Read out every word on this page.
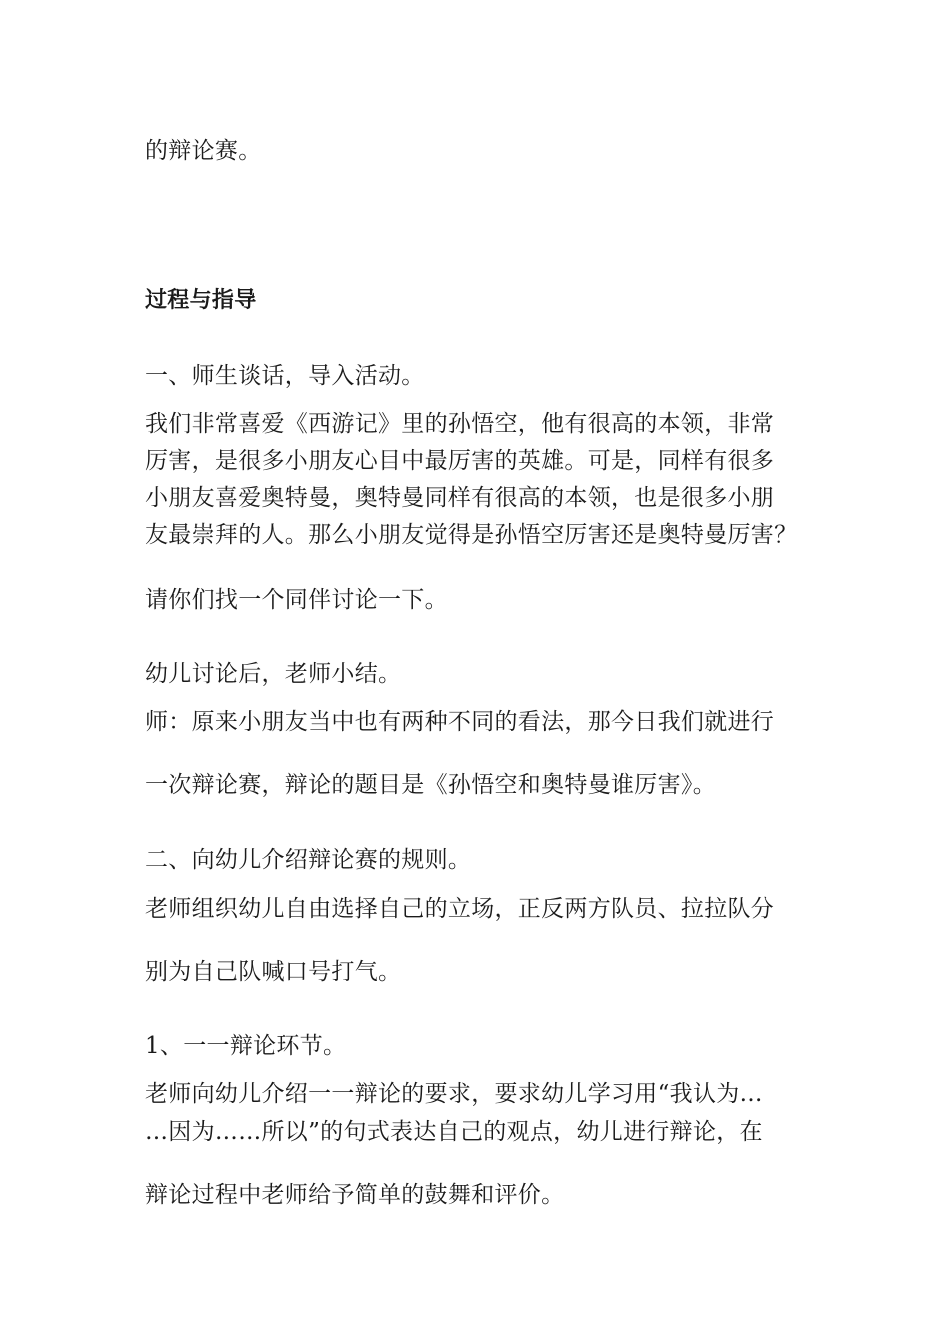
的辩论赛。
过程与指导
一、师生谈话，导入活动。
我们非常喜爱《西游记》里的孙悟空，他有很高的本领，非常
厉害，是很多小朋友心目中最厉害的英雄。可是，同样有很多
小朋友喜爱奥特曼，奥特曼同样有很高的本领，也是很多小朋
友最崇拜的人。那么小朋友觉得是孙悟空厉害还是奥特曼厉害？
请你们找一个同伴讨论一下。
幼儿讨论后，老师小结。
师：原来小朋友当中也有两种不同的看法，那今日我们就进行
一次辩论赛，辩论的题目是《孙悟空和奥特曼谁厉害》。
二、向幼儿介绍辩论赛的规则。
老师组织幼儿自由选择自己的立场，正反两方队员、拉拉队分
别为自己队喊口号打气。
1、一一辩论环节。
老师向幼儿介绍一一辩论的要求，要求幼儿学习用“我认为…
…因为……所以”的句式表达自己的观点，幼儿进行辩论，在
辩论过程中老师给予简单的鼓舞和评价。
